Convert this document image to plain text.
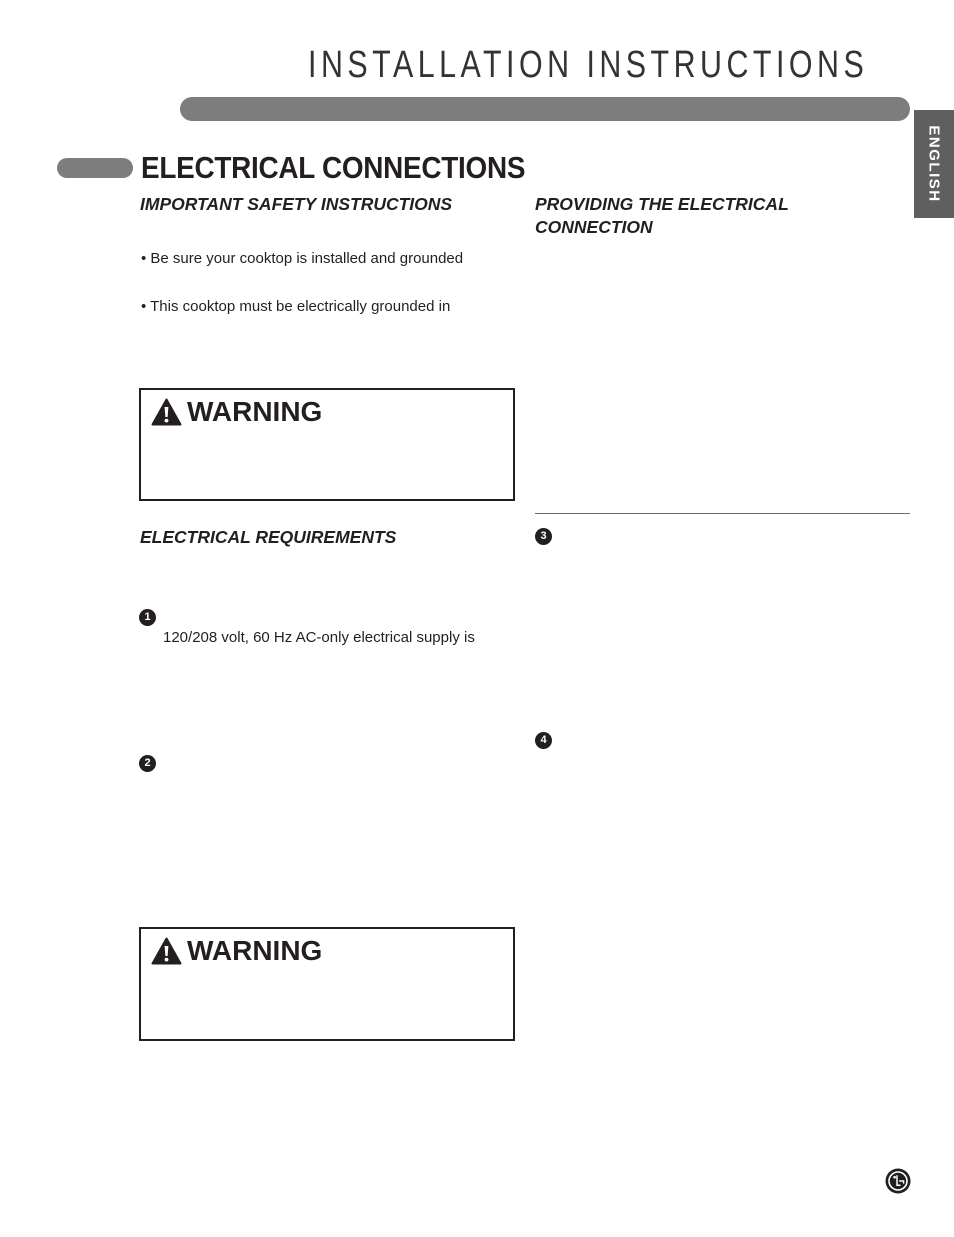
INSTALLATION INSTRUCTIONS
ENGLISH
ELECTRICAL CONNECTIONS
IMPORTANT SAFETY INSTRUCTIONS
• Be sure your cooktop is installed and grounded
• This cooktop must be electrically grounded in
WARNING
PROVIDING THE ELECTRICAL CONNECTION
ELECTRICAL REQUIREMENTS
1
120/208 volt, 60 Hz AC-only electrical supply is
2
3
4
WARNING
